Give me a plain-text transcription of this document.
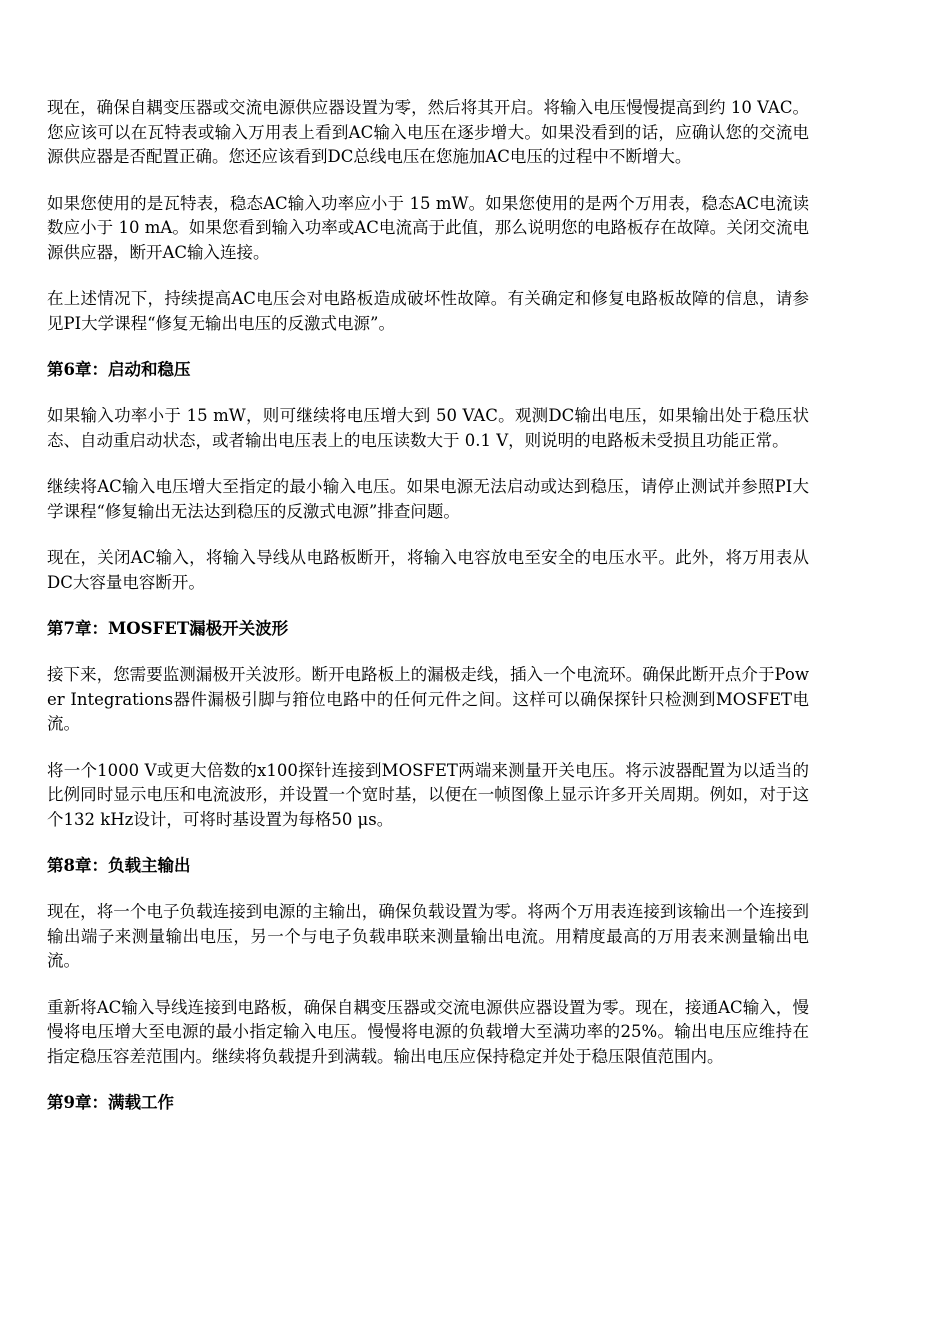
现在，确保自耦变压器或交流电源供应器设置为零，然后将其开启。将输入电压慢慢提高到约 10 VAC。您应该可以在瓦特表或输入万用表上看到AC输入电压在逐步增大。如果没看到的话，应确认您的交流电源供应器是否配置正确。您还应该看到DC总线电压在您施加AC电压的过程中不断增大。

如果您使用的是瓦特表，稳态AC输入功率应小于 15 mW。如果您使用的是两个万用表，稳态AC电流读数应小于 10 mA。如果您看到输入功率或AC电流高于此值，那么说明您的电路板存在故障。关闭交流电源供应器，断开AC输入连接。

在上述情况下，持续提高AC电压会对电路板造成破坏性故障。有关确定和修复电路板故障的信息，请参见PI大学课程“修复无输出电压的反激式电源”。

第6章：启动和稳压

如果输入功率小于 15 mW，则可继续将电压增大到 50 VAC。观测DC输出电压，如果输出处于稳压状态、自动重启动状态，或者输出电压表上的电压读数大于 0.1 V，则说明的电路板未受损且功能正常。

继续将AC输入电压增大至指定的最小输入电压。如果电源无法启动或达到稳压，请停止测试并参照PI大学课程“修复输出无法达到稳压的反激式电源”排查问题。

现在，关闭AC输入，将输入导线从电路板断开，将输入电容放电至安全的电压水平。此外，将万用表从DC大容量电容断开。

第7章：MOSFET漏极开关波形

接下来，您需要监测漏极开关波形。断开电路板上的漏极走线，插入一个电流环。确保此断开点介于Power Integrations器件漏极引脚与箝位电路中的任何元件之间。这样可以确保探针只检测到MOSFET电流。

将一个1000 V或更大倍数的x100探针连接到MOSFET两端来测量开关电压。将示波器配置为以适当的比例同时显示电压和电流波形，并设置一个宽时基，以便在一帧图像上显示许多开关周期。例如，对于这个132 kHz设计，可将时基设置为每格50 μs。

第8章：负载主输出

现在，将一个电子负载连接到电源的主输出，确保负载设置为零。将两个万用表连接到该输出一个连接到输出端子来测量输出电压，另一个与电子负载串联来测量输出电流。用精度最高的万用表来测量输出电流。

重新将AC输入导线连接到电路板，确保自耦变压器或交流电源供应器设置为零。现在，接通AC输入，慢慢将电压增大至电源的最小指定输入电压。慢慢将电源的负载增大至满功率的25%。输出电压应维持在指定稳压容差范围内。继续将负载提升到满载。输出电压应保持稳定并处于稳压限值范围内。

第9章：满载工作
